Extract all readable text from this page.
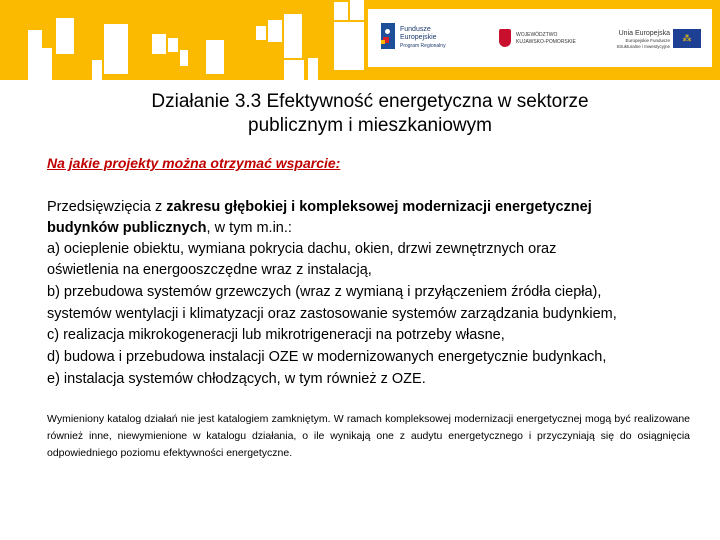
Fundusze
Europejskie
Program Regionalny
WOJEWÓDZTWO
KUJAWSKO-POMORSKIE
Unia Europejska
Europejskie Fundusze
Strukturalne i Inwestycyjne
⁂
Działanie 3.3 Efektywność energetyczna w sektorze
publicznym i mieszkaniowym
Na jakie projekty można otrzymać wsparcie:
Przedsięwzięcia z zakresu głębokiej i kompleksowej modernizacji energetycznej
budynków publicznych, w tym m.in.:
a) ocieplenie obiektu, wymiana pokrycia dachu, okien, drzwi zewnętrznych oraz
oświetlenia na energooszczędne wraz z instalacją,
b) przebudowa systemów grzewczych (wraz z wymianą i przyłączeniem źródła ciepła),
systemów wentylacji i klimatyzacji oraz zastosowanie systemów zarządzania budynkiem,
c) realizacja mikrokogeneracji lub mikrotrigeneracji na potrzeby własne,
d) budowa i przebudowa instalacji OZE w modernizowanych energetycznie budynkach,
e) instalacja systemów chłodzących, w tym również z OZE.
Wymieniony katalog działań nie jest katalogiem zamkniętym. W ramach kompleksowej modernizacji energetycznej mogą być realizowane również inne, niewymienione w katalogu działania, o ile wynikają one z audytu energetycznego i przyczyniają się do osiągnięcia odpowiedniego poziomu efektywności energetyczne.
